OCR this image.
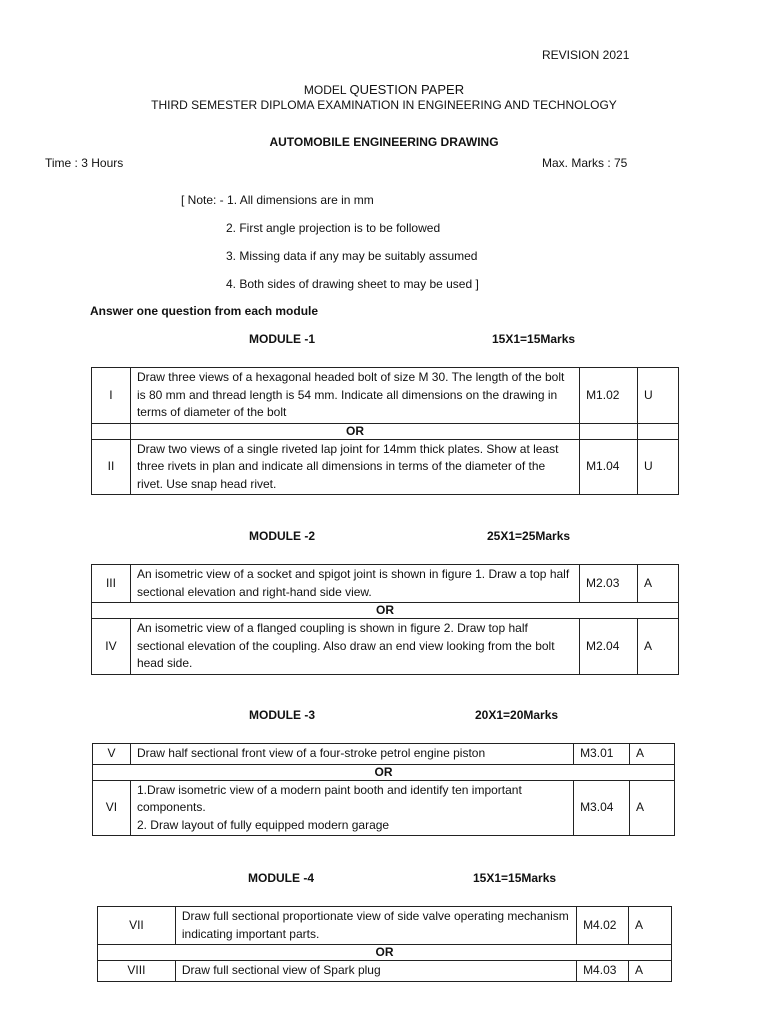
REVISION 2021
MODEL QUESTION PAPER
THIRD SEMESTER DIPLOMA EXAMINATION IN ENGINEERING AND TECHNOLOGY
AUTOMOBILE ENGINEERING DRAWING
Time : 3 Hours	Max. Marks : 75
[ Note: - 1. All dimensions are in mm
2. First angle projection is to be followed
3. Missing data if any may be suitably assumed
4. Both sides of drawing sheet to may be used ]
Answer one question from each module
MODULE -1	15X1=15Marks
I	Draw three views of a hexagonal headed bolt of size M 30. The length of the bolt is 80 mm and thread length is 54 mm. Indicate all dimensions on the drawing in terms of diameter of the bolt	M1.02	U
	OR		
II	Draw two views of a single riveted lap joint for 14mm thick plates. Show at least three rivets in plan and indicate all dimensions in terms of the diameter of the rivet. Use snap head rivet.	M1.04	U
MODULE -2	25X1=25Marks
III	An isometric view of a socket and spigot joint is shown in figure 1. Draw a top half sectional elevation and right-hand side view.	M2.03	A
OR			
IV	An isometric view of a flanged coupling is shown in figure 2. Draw top half sectional elevation of the coupling. Also draw an end view looking from the bolt head side.	M2.04	A
MODULE -3	20X1=20Marks
V	Draw half sectional front view of a four-stroke petrol engine piston	M3.01	A
OR			
VI	1.Draw isometric view of a modern paint booth and identify ten important components.
2. Draw layout of fully equipped modern garage	M3.04	A
MODULE -4	15X1=15Marks
VII	Draw full sectional proportionate view of side valve operating mechanism indicating important parts.	M4.02	A
OR			
VIII	Draw full sectional view of Spark plug	M4.03	A
